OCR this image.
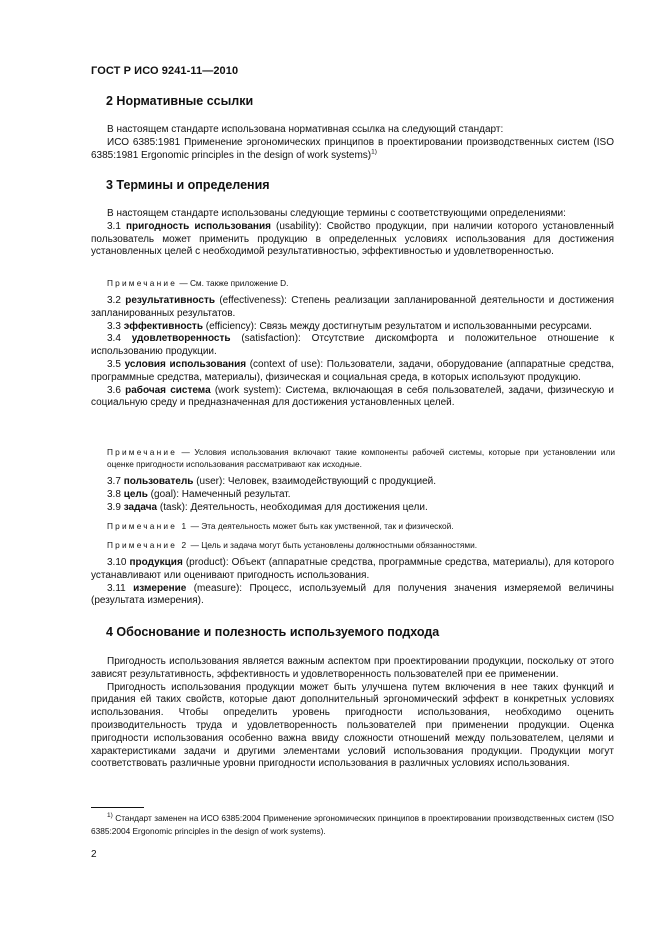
ГОСТ Р ИСО 9241-11—2010
2 Нормативные ссылки

В настоящем стандарте использована нормативная ссылка на следующий стандарт:

ИСО 6385:1981 Применение эргономических принципов в проектировании производственных систем (ISO 6385:1981 Ergonomic principles in the design of work systems)$^{1)}$

3 Термины и определения

В настоящем стандарте использованы следующие термины с соответствующими определениями:

3.1 пригодность использования (usability): Свойство продукции, при наличии которого установленный пользователь может применить продукцию в определенных условиях использования для достижения установленных целей с необходимой результативностью, эффективностью и удовлетворенностью.

Примечание — См. также приложение D.

3.2 результативность (effectiveness): Степень реализации запланированной деятельности и достижения запланированных результатов.

3.3 эффективность (efficiency): Связь между достигнутым результатом и использованными ресурсами.

3.4 удовлетворенность (satisfaction): Отсутствие дискомфорта и положительное отношение к использованию продукции.

3.5 условия использования (context of use): Пользователи, задачи, оборудование (аппаратные средства, программные средства, материалы), физическая и социальная среда, в которых используют продукцию.

3.6 рабочая система (work system): Система, включающая в себя пользователей, задачи, физическую и социальную среду и предназначенная для достижения установленных целей.

Примечание — Условия использования включают такие компоненты рабочей системы, которые при установлении или оценке пригодности использования рассматривают как исходные.

3.7 пользователь (user): Человек, взаимодействующий с продукцией.

3.8 цель (goal): Намеченный результат.

3.9 задача (task): Деятельность, необходимая для достижения цели.

Примечание 1 — Эта деятельность может быть как умственной, так и физической.
Примечание 2 — Цель и задача могут быть установлены должностными обязанностями.

3.10 продукция (product): Объект (аппаратные средства, программные средства, материалы), для которого устанавливают или оценивают пригодность использования.

3.11 измерение (measure): Процесс, используемый для получения значения измеряемой величины (результата измерения).

4 Обоснование и полезность используемого подхода

Пригодность использования является важным аспектом при проектировании продукции, поскольку от этого зависят результативность, эффективность и удовлетворенность пользователей при ее применении.

Пригодность использования продукции может быть улучшена путем включения в нее таких функций и придания ей таких свойств, которые дают дополнительный эргономический эффект в конкретных условиях использования. Чтобы определить уровень пригодности использования, необходимо оценить производительность труда и удовлетворенность пользователей при применении продукции. Оценка пригодности использования особенно важна ввиду сложности отношений между пользователем, целями и характеристиками задачи и другими элементами условий использования продукции. Продукции могут соответствовать различные уровни пригодности использования в различных условиях использования.

$^{1)}$ Стандарт заменен на ИСО 6385:2004 Применение эргономических принципов в проектировании производственных систем (ISO 6385:2004 Ergonomic principles in the design of work systems).
2
